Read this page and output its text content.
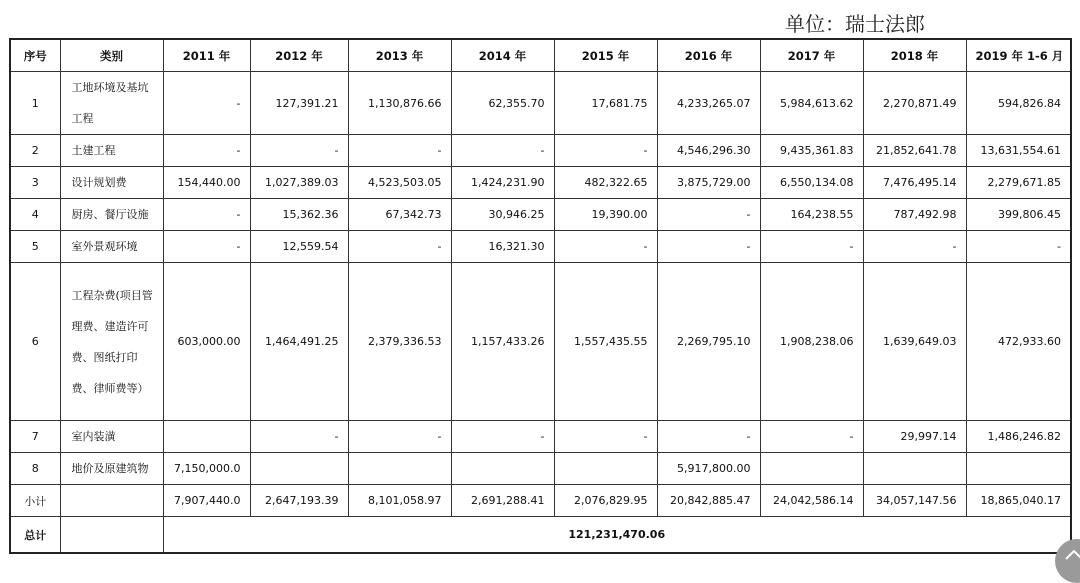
单位：瑞士法郎
序号	类别	2011 年	2012 年	2013 年	2014 年	2015 年	2016 年	2017 年	2018 年	2019 年 1-6 月
1	工地环境及基坑工程	-	127,391.21	1,130,876.66	62,355.70	17,681.75	4,233,265.07	5,984,613.62	2,270,871.49	594,826.84
2	土建工程	-	-	-	-	-	4,546,296.30	9,435,361.83	21,852,641.78	13,631,554.61
3	设计规划费	154,440.00	1,027,389.03	4,523,503.05	1,424,231.90	482,322.65	3,875,729.00	6,550,134.08	7,476,495.14	2,279,671.85
4	厨房、餐厅设施	-	15,362.36	67,342.73	30,946.25	19,390.00	-	164,238.55	787,492.98	399,806.45
5	室外景观环境	-	12,559.54	-	16,321.30	-	-	-	-	-
6	工程杂费(项目管理费、建造许可费、图纸打印费、律师费等）	603,000.00	1,464,491.25	2,379,336.53	1,157,433.26	1,557,435.55	2,269,795.10	1,908,238.06	1,639,649.03	472,933.60
7	室内装潢		-	-	-	-	-	-	29,997.14	1,486,246.82
8	地价及原建筑物	7,150,000.0					5,917,800.00			
小计		7,907,440.0	2,647,193.39	8,101,058.97	2,691,288.41	2,076,829.95	20,842,885.47	24,042,586.14	34,057,147.56	18,865,040.17
总计		121,231,470.06								
